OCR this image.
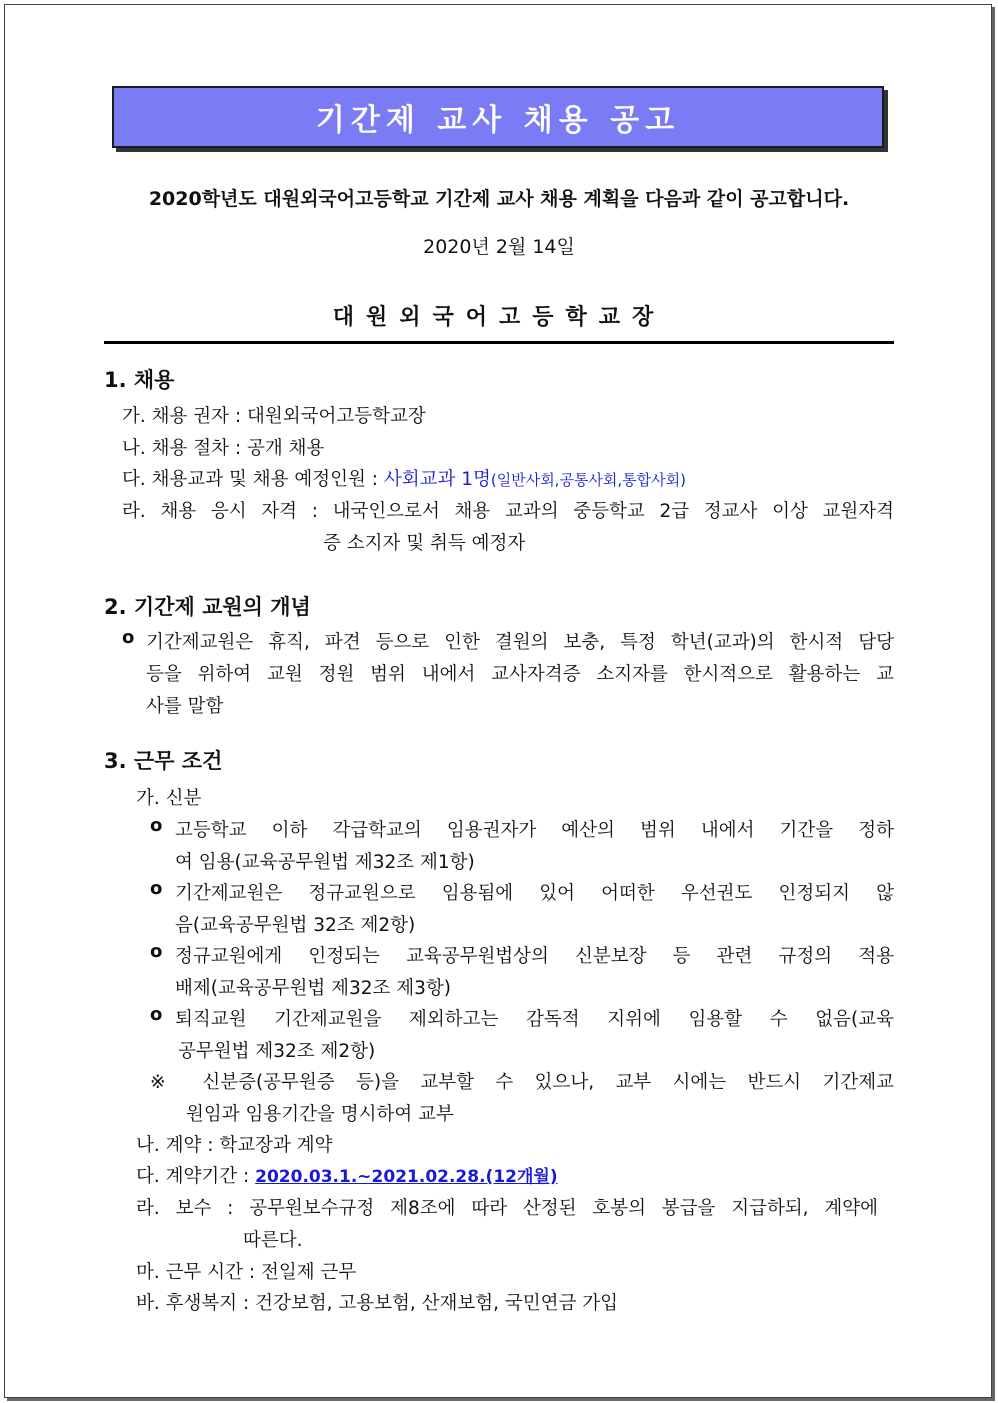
기간제 교사 채용 공고
2020학년도 대원외국어고등학교 기간제 교사 채용 계획을 다음과 같이 공고합니다.
2020년 2월 14일
대원외국어고등학교장
1. 채용
가. 채용 권자 : 대원외국어고등학교장
나. 채용 절차 : 공개 채용
다. 채용교과 및 채용 예정인원 : 사회교과 1명(일반사회,공통사회,통합사회)
라. 채용 응시 자격 : 내국인으로서 채용 교과의 중등학교 2급 정교사 이상 교원자격
증 소지자 및 취득 예정자
2. 기간제 교원의 개념
o 기간제교원은 휴직, 파견 등으로 인한 결원의 보충, 특정 학년(교과)의 한시적 담당
등을 위하여 교원 정원 범위 내에서 교사자격증 소지자를 한시적으로 활용하는 교
사를 말함
3. 근무 조건
가. 신분
o 고등학교 이하 각급학교의 임용권자가 예산의 범위 내에서 기간을 정하
여 임용(교육공무원법 제32조 제1항)
o 기간제교원은 정규교원으로 임용됨에 있어 어떠한 우선권도 인정되지 않
음(교육공무원법 32조 제2항)
o 정규교원에게 인정되는 교육공무원법상의 신분보장 등 관련 규정의 적용
배제(교육공무원법 제32조 제3항)
o 퇴직교원 기간제교원을 제외하고는 감독적 지위에 임용할 수 없음(교육
공무원법 제32조 제2항)
※ 신분증(공무원증 등)을 교부할 수 있으나, 교부 시에는 반드시 기간제교
원임과 임용기간을 명시하여 교부
나. 계약 : 학교장과 계약
다. 계약기간 : 2020.03.1.~2021.02.28.(12개월)
라. 보수 : 공무원보수규정 제8조에 따라 산정된 호봉의 봉급을 지급하되, 계약에
따른다.
마. 근무 시간 : 전일제 근무
바. 후생복지 : 건강보험, 고용보험, 산재보험, 국민연금 가입
